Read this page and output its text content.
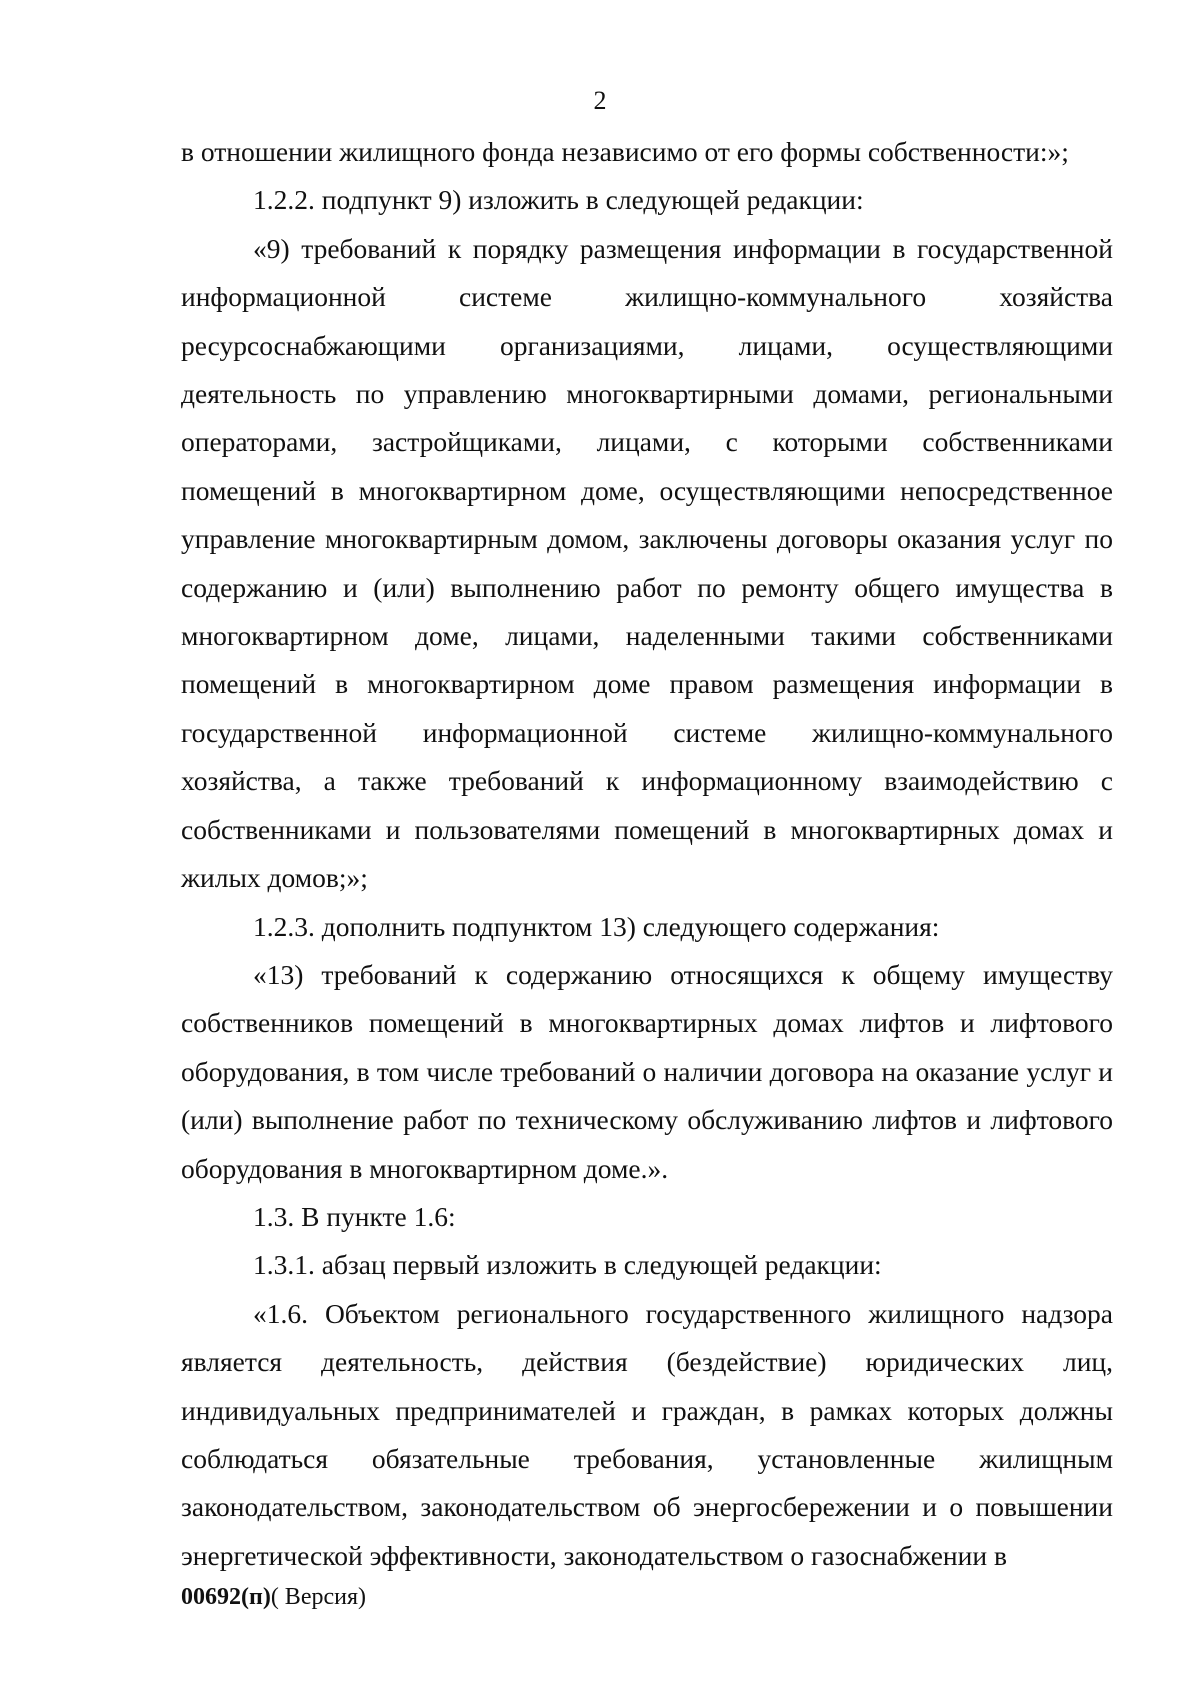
2

в отношении жилищного фонда независимо от его формы собственности:»;

1.2.2. подпункт 9) изложить в следующей редакции:

«9) требований к порядку размещения информации в государственной информационной системе жилищно-коммунального хозяйства ресурсоснабжающими организациями, лицами, осуществляющими деятельность по управлению многоквартирными домами, региональными операторами, застройщиками, лицами, с которыми собственниками помещений в многоквартирном доме, осуществляющими непосредственное управление многоквартирным домом, заключены договоры оказания услуг по содержанию и (или) выполнению работ по ремонту общего имущества в многоквартирном доме, лицами, наделенными такими собственниками помещений в многоквартирном доме правом размещения информации в государственной информационной системе жилищно-коммунального хозяйства, а также требований к информационному взаимодействию с собственниками и пользователями помещений в многоквартирных домах и жилых домов;»;

1.2.3. дополнить подпунктом 13) следующего содержания:

«13) требований к содержанию относящихся к общему имуществу собственников помещений в многоквартирных домах лифтов и лифтового оборудования, в том числе требований о наличии договора на оказание услуг и (или) выполнение работ по техническому обслуживанию лифтов и лифтового оборудования в многоквартирном доме.».

1.3. В пункте 1.6:

1.3.1. абзац первый изложить в следующей редакции:

«1.6. Объектом регионального государственного жилищного надзора является деятельность, действия (бездействие) юридических лиц, индивидуальных предпринимателей и граждан, в рамках которых должны соблюдаться обязательные требования, установленные жилищным законодательством, законодательством об энергосбережении и о повышении энергетической эффективности, законодательством о газоснабжении в

00692(п)( Версия)
